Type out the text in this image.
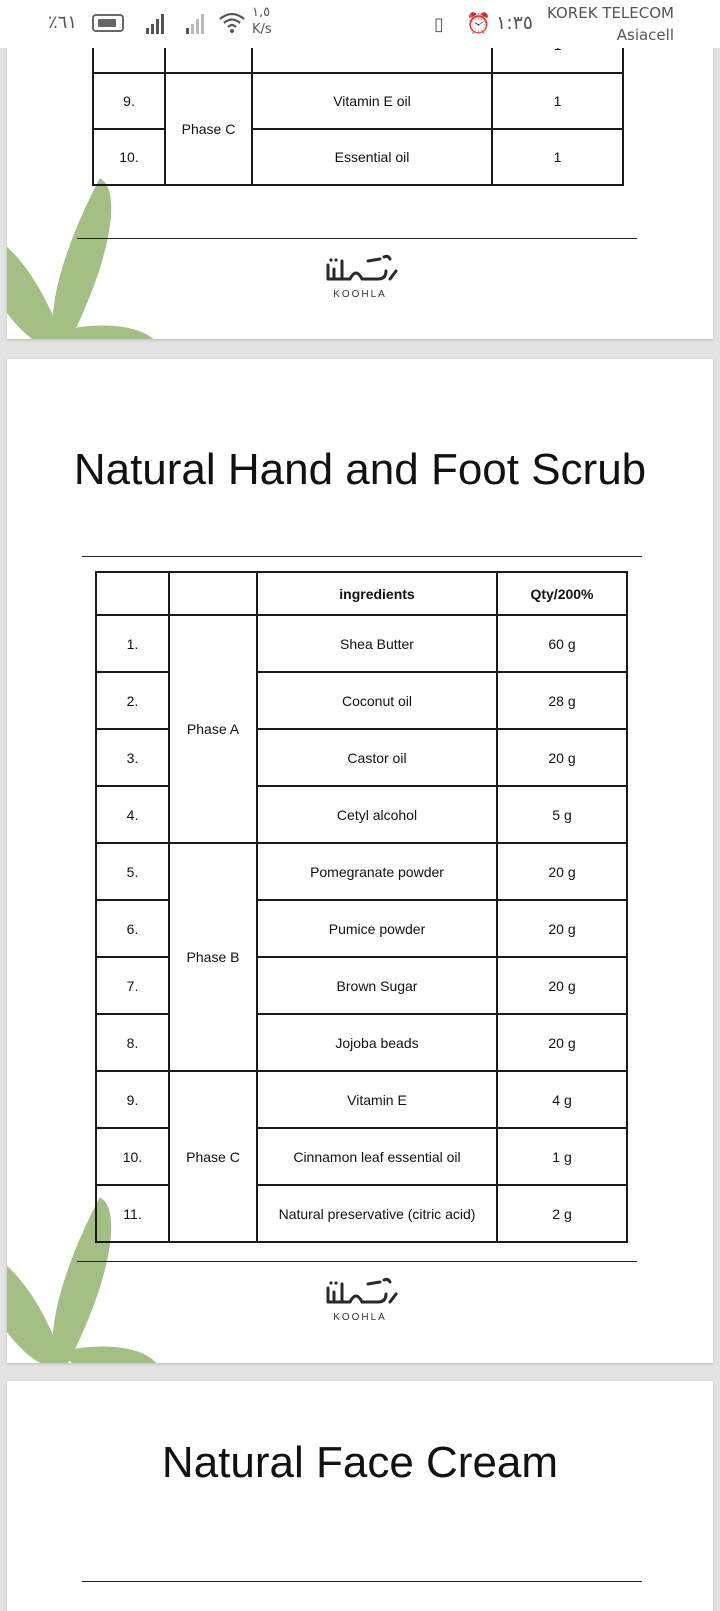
٪٦١	١,٥
K/s	▯ ⏰ ١:٣٥ KOREK TELECOM
Asiacell

9.	Phase C	Vitamin E oil	1
10.		Essential oil	1
KOOHLA
Natural Hand and Foot Scrub
		ingredients	Qty/200%
1.	Phase A	Shea Butter	60 g
2.		Coconut oil	28 g
3.		Castor oil	20 g
4.		Cetyl alcohol	5 g
5.	Phase B	Pomegranate powder	20 g
6.		Pumice powder	20 g
7.		Brown Sugar	20 g
8.		Jojoba beads	20 g
9.	Phase C	Vitamin E	4 g
10.		Cinnamon leaf essential oil	1 g
11.		Natural preservative (citric acid)	2 g
KOOHLA
Natural Face Cream
